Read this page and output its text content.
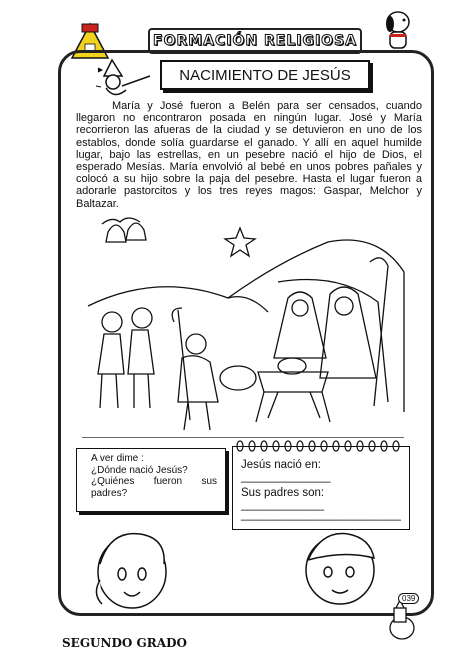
FORMACIÓN RELIGIOSA
NACIMIENTO DE JESÚS
María y José fueron a Belén para ser censados, cuando llegaron no encontraron posada en ningún lugar. José y María recorrieron las afueras de la ciudad y se detuvieron en uno de los establos, donde solía guardarse el ganado. Y allí en aquel humilde lugar, bajo las estrellas, en un pesebre nació el hijo de Dios, el esperado Mesías. María envolvió al bebé en unos pobres pañales y colocó a su hijo sobre la paja del pesebre. Hasta el lugar fueron a adorarle pastorcitos y los tres reyes magos: Gaspar, Melchor y Baltazar.
A ver dime :
¿Dónde nació Jesús?
¿Quiénes fueron sus
padres?
Jesús nació en: ______________
Sus padres son: _____________
_________________________
SEGUNDO GRADO
039
